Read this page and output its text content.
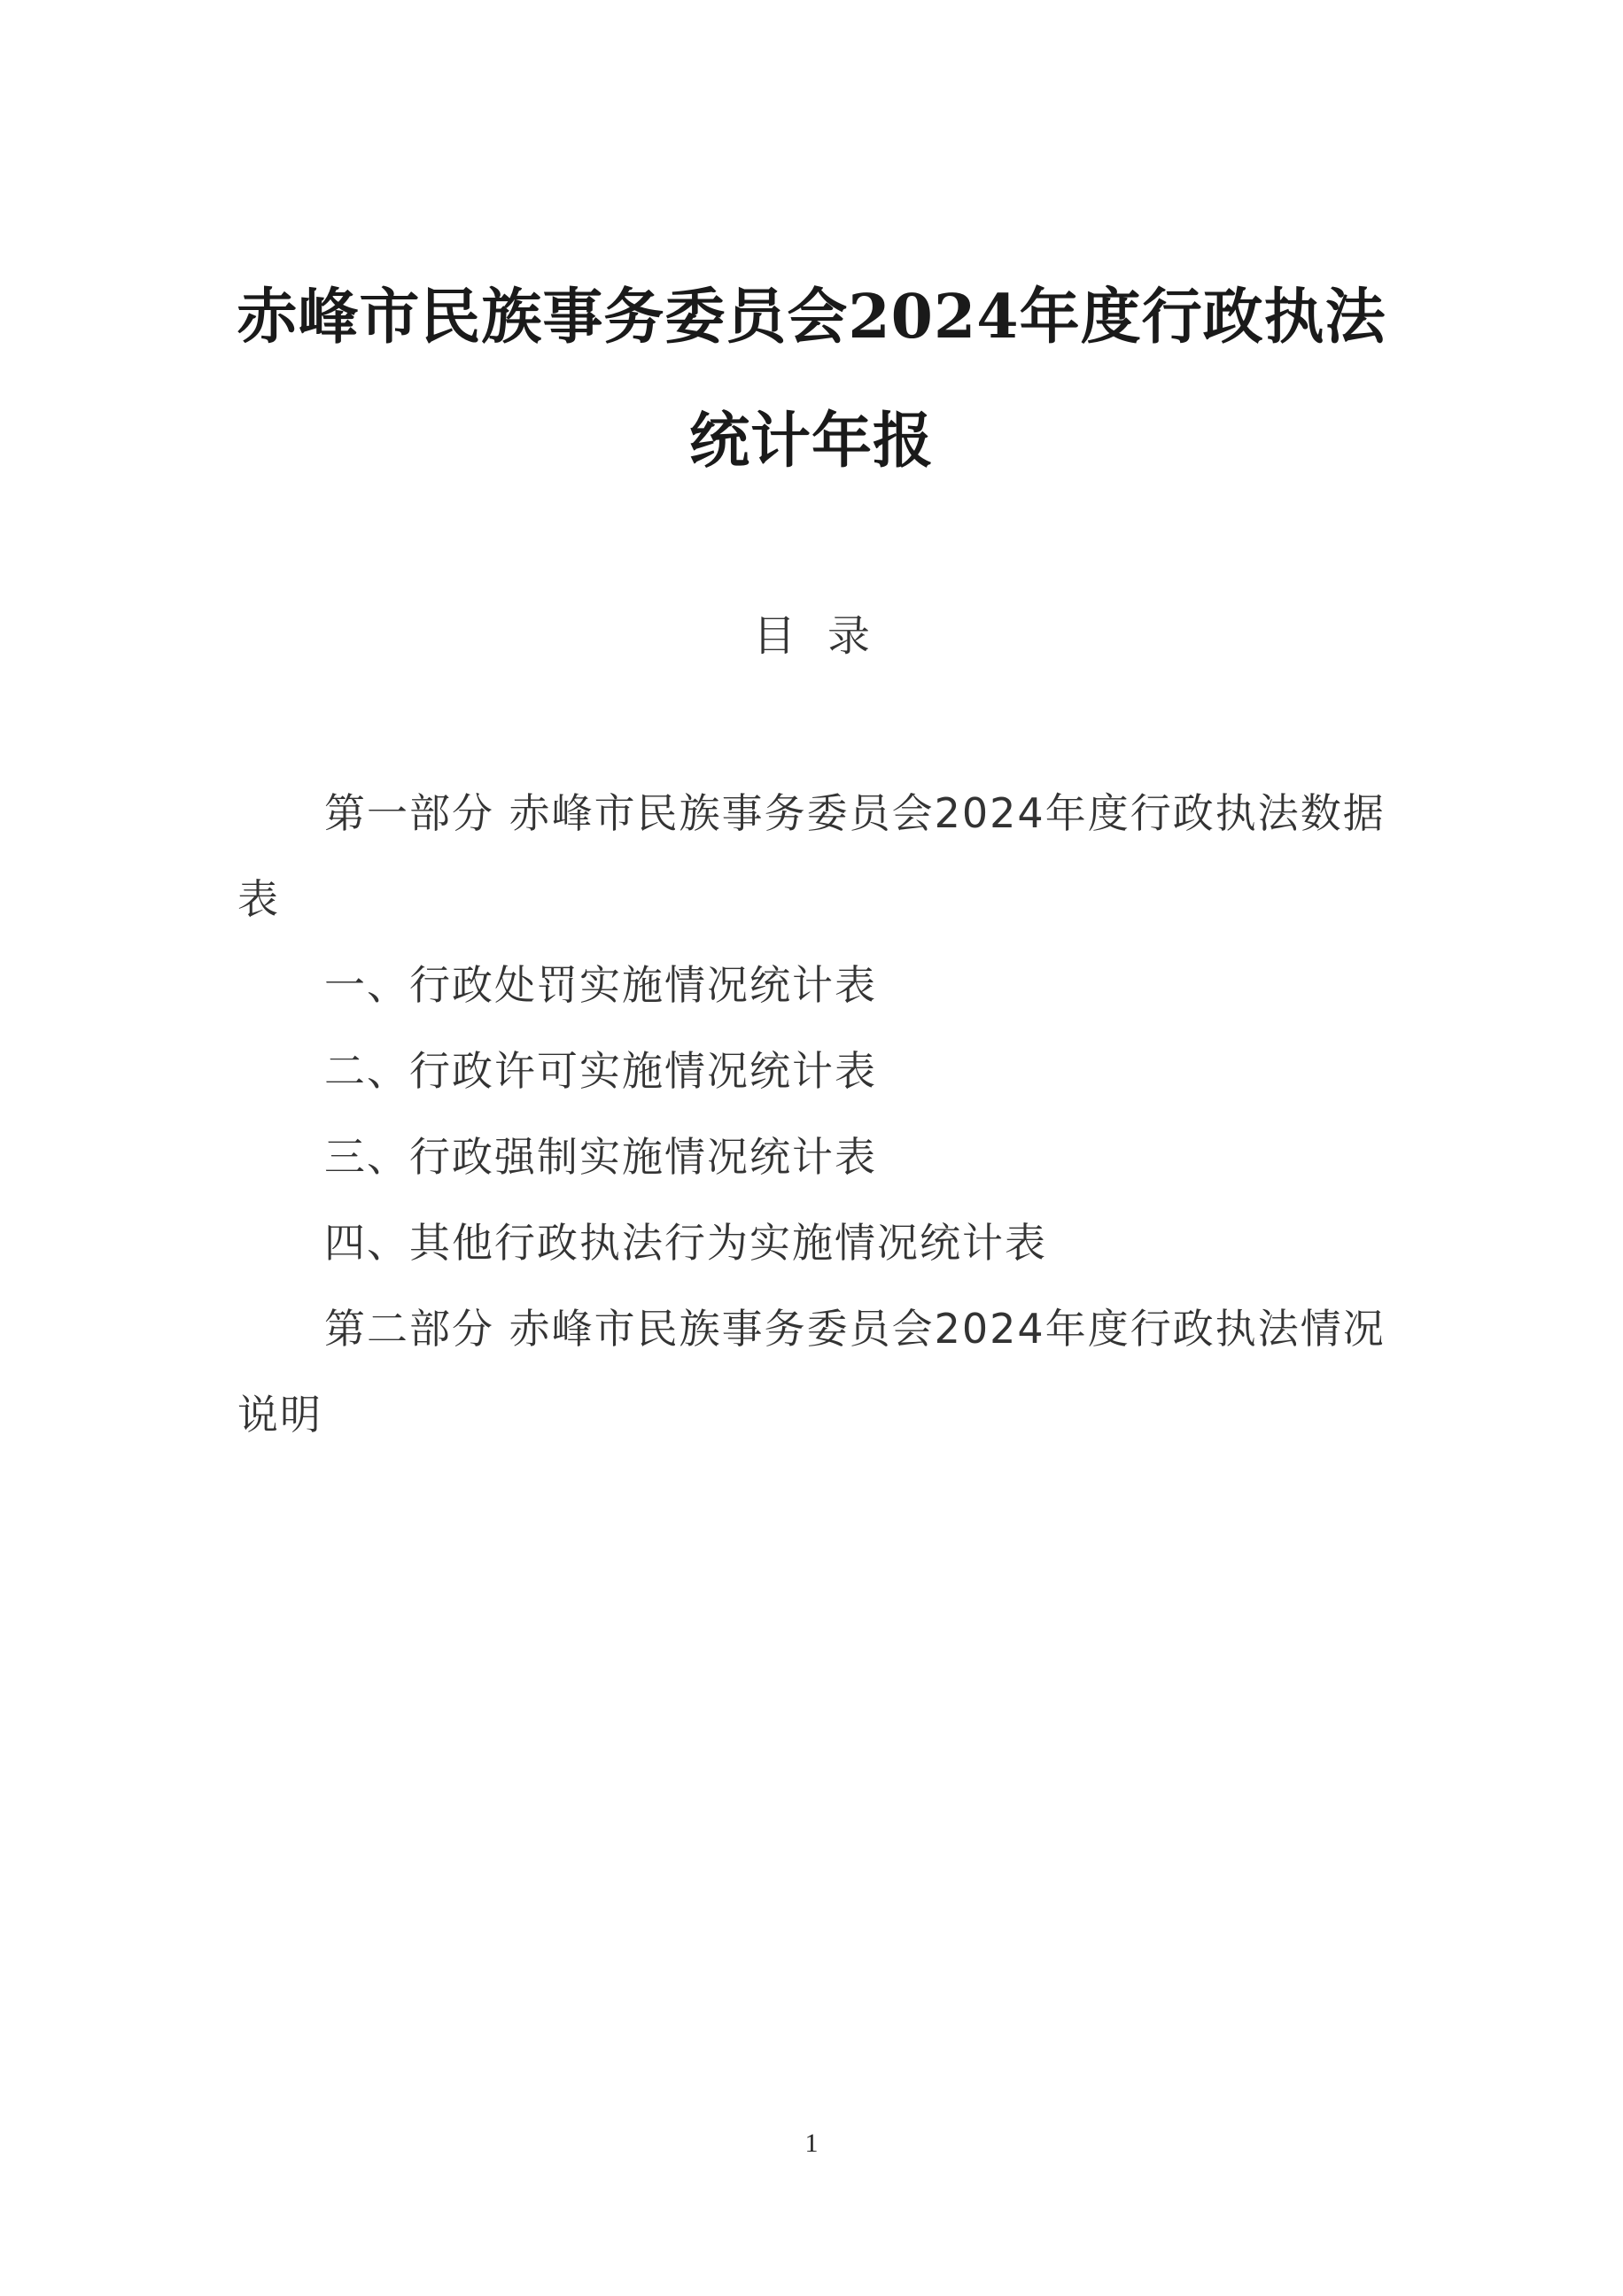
赤峰市民族事务委员会2024年度行政执法
统计年报
目录
第一部分 赤峰市民族事务委员会2024年度行政执法数据表
一、行政处罚实施情况统计表
二、行政许可实施情况统计表
三、行政强制实施情况统计表
四、其他行政执法行为实施情况统计表
第二部分 赤峰市民族事务委员会2024年度行政执法情况说明
1
